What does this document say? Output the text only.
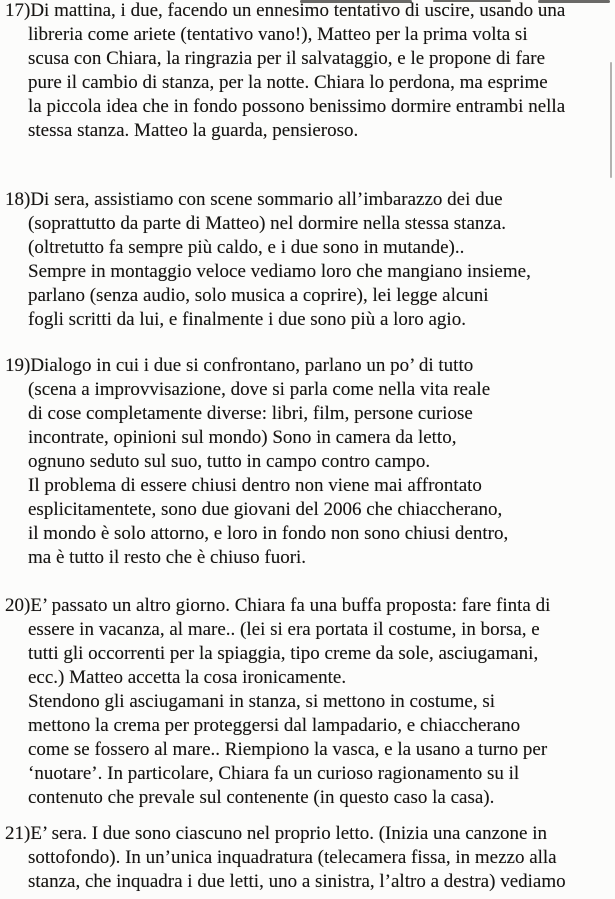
17)Di mattina, i due, facendo un ennesimo tentativo di uscire, usando una
libreria come ariete (tentativo vano!), Matteo per la prima volta si
scusa con Chiara, la ringrazia per il salvataggio, e le propone di fare
pure il cambio di stanza, per la notte. Chiara lo perdona, ma esprime
la piccola idea che in fondo possono benissimo dormire entrambi nella
stessa stanza. Matteo la guarda, pensieroso.
18)Di sera, assistiamo con scene sommario all’imbarazzo dei due
(soprattutto da parte di Matteo) nel dormire nella stessa stanza.
(oltretutto fa sempre più caldo, e i due sono in mutande)..
Sempre in montaggio veloce vediamo loro che mangiano insieme,
parlano (senza audio, solo musica a coprire), lei legge alcuni
fogli scritti da lui, e finalmente i due sono più a loro agio.
19)Dialogo in cui i due si confrontano, parlano un po’ di tutto
(scena a improvvisazione, dove si parla come nella vita reale
di cose completamente diverse: libri, film, persone curiose
incontrate, opinioni sul mondo) Sono in camera da letto,
ognuno seduto sul suo, tutto in campo contro campo.
Il problema di essere chiusi dentro non viene mai affrontato
esplicitamentete, sono due giovani del 2006 che chiaccherano,
il mondo è solo attorno, e loro in fondo non sono chiusi dentro,
ma è tutto il resto che è chiuso fuori.
20)E’ passato un altro giorno. Chiara fa una buffa proposta: fare finta di
essere in vacanza, al mare.. (lei si era portata il costume, in borsa, e
tutti gli occorrenti per la spiaggia, tipo creme da sole, asciugamani,
ecc.) Matteo accetta la cosa ironicamente.
Stendono gli asciugamani in stanza, si mettono in costume, si
mettono la crema per proteggersi dal lampadario, e chiaccherano
come se fossero al mare.. Riempiono la vasca, e la usano a turno per
‘nuotare’. In particolare, Chiara fa un curioso ragionamento su il
contenuto che prevale sul contenente (in questo caso la casa).
21)E’ sera. I due sono ciascuno nel proprio letto. (Inizia una canzone in
sottofondo). In un’unica inquadratura (telecamera fissa, in mezzo alla
stanza, che inquadra i due letti, uno a sinistra, l’altro a destra) vediamo
